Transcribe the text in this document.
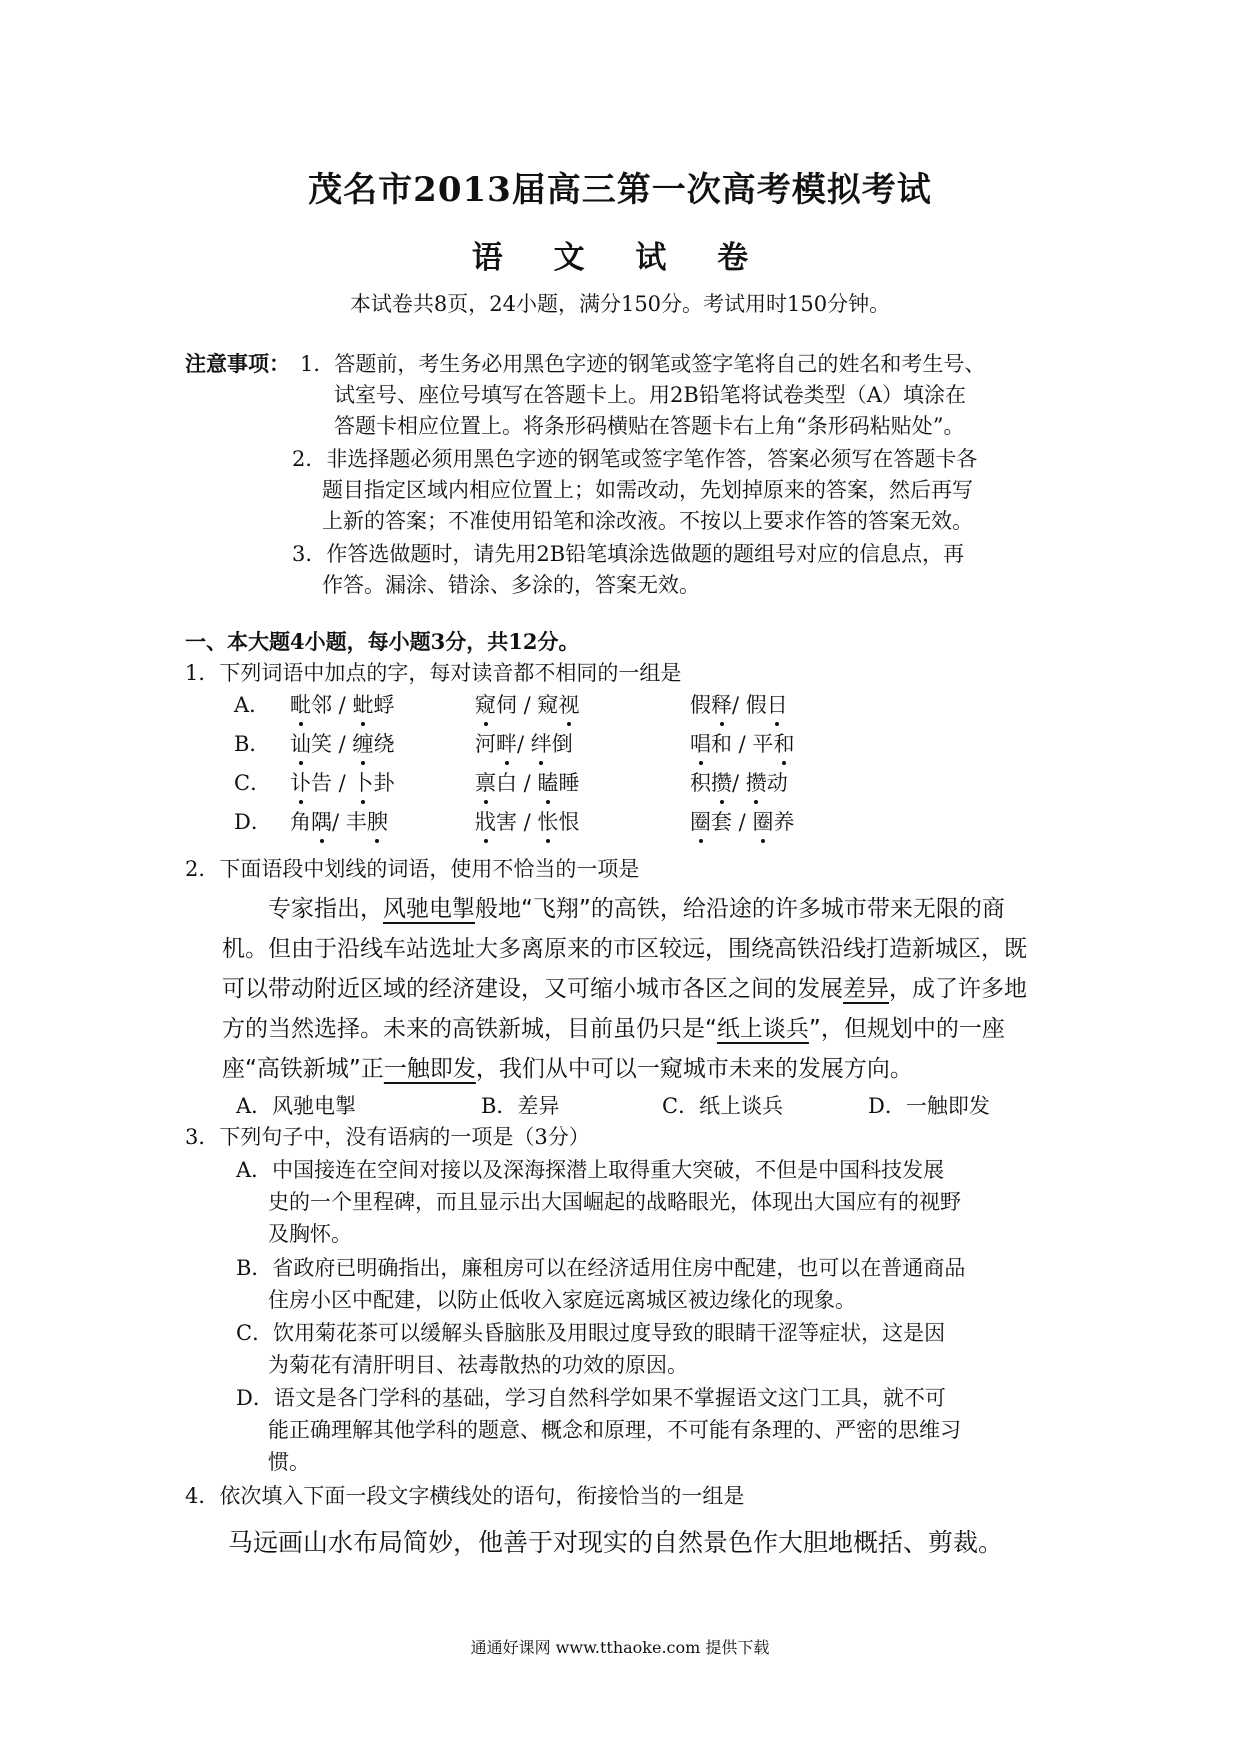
茂名市2013届高三第一次高考模拟考试
语 文 试 卷
本试卷共8页，24小题，满分150分。考试用时150分钟。
注意事项： 1．答题前，考生务必用黑色字迹的钢笔或签字笔将自己的姓名和考生号、
试室号、座位号填写在答题卡上。用2B铅笔将试卷类型（A）填涂在
答题卡相应位置上。将条形码横贴在答题卡右上角“条形码粘贴处”。
2．非选择题必须用黑色字迹的钢笔或签字笔作答，答案必须写在答题卡各
题目指定区域内相应位置上；如需改动，先划掉原来的答案，然后再写
上新的答案；不准使用铅笔和涂改液。不按以上要求作答的答案无效。
3．作答选做题时，请先用2B铅笔填涂选做题的题组号对应的信息点，再
作答。漏涂、错涂、多涂的，答案无效。
一、本大题4小题，每小题3分，共12分。
1．下列词语中加点的字，每对读音都不相同的一组是
A． 毗邻 / 蚍蜉	窥伺 / 窥视	假释/ 假日
B． 讪笑 / 缠绕	河畔/ 绊倒	唱和 / 平和
C． 讣告 / 卜卦	禀白 / 瞌睡	积攒/ 攒动
D． 角隅/ 丰腴	戕害 / 怅恨	圈套 / 圈养
2．下面语段中划线的词语，使用不恰当的一项是
专家指出，风驰电掣般地“飞翔”的高铁，给沿途的许多城市带来无限的商
机。但由于沿线车站选址大多离原来的市区较远，围绕高铁沿线打造新城区，既
可以带动附近区域的经济建设，又可缩小城市各区之间的发展差异，成了许多地
方的当然选择。未来的高铁新城，目前虽仍只是“纸上谈兵”，但规划中的一座
座“高铁新城”正一触即发，我们从中可以一窥城市未来的发展方向。
A．风驰电掣	B．差异	C．纸上谈兵	D．一触即发
3．下列句子中，没有语病的一项是（3分）
A．中国接连在空间对接以及深海探潜上取得重大突破，不但是中国科技发展
史的一个里程碑，而且显示出大国崛起的战略眼光，体现出大国应有的视野
及胸怀。
B．省政府已明确指出，廉租房可以在经济适用住房中配建，也可以在普通商品
住房小区中配建，以防止低收入家庭远离城区被边缘化的现象。
C．饮用菊花茶可以缓解头昏脑胀及用眼过度导致的眼睛干涩等症状，这是因
为菊花有清肝明目、祛毒散热的功效的原因。
D．语文是各门学科的基础，学习自然科学如果不掌握语文这门工具，就不可
能正确理解其他学科的题意、概念和原理，不可能有条理的、严密的思维习
惯。
4．依次填入下面一段文字横线处的语句，衔接恰当的一组是
马远画山水布局简妙，他善于对现实的自然景色作大胆地概括、剪裁。
通通好课网 www.tthaoke.com 提供下载
